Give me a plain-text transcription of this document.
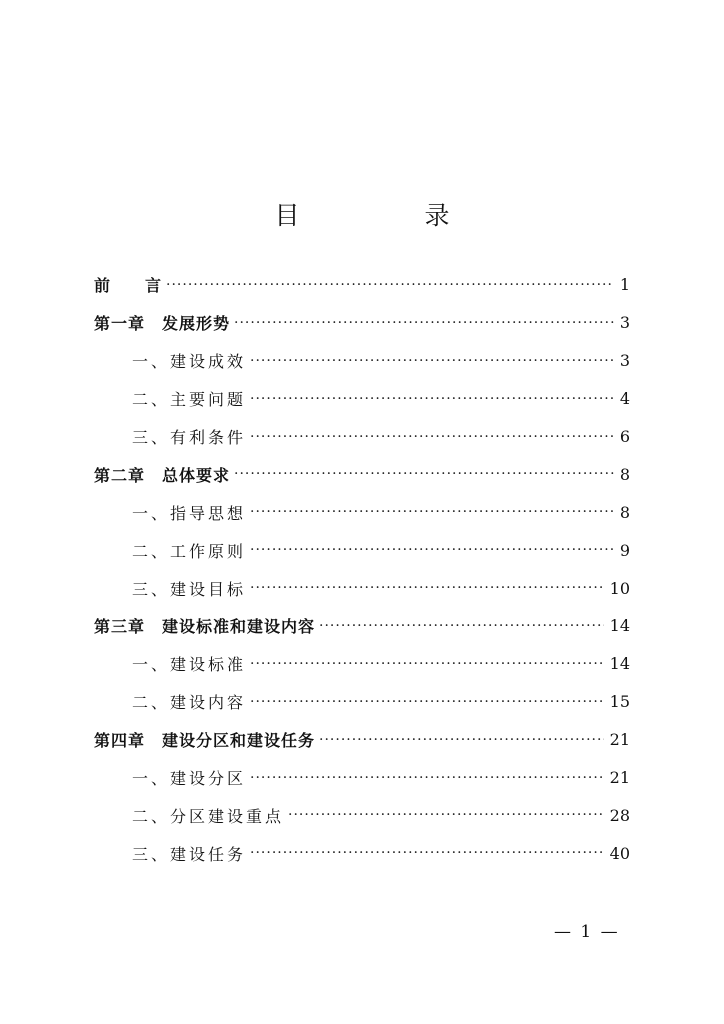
目　录
前　　言 ·····	1
第一章　发展形势 ·····	3
一、建设成效 ·····	3
二、主要问题 ·····	4
三、有利条件 ·····	6
第二章　总体要求 ·····	8
一、指导思想 ·····	8
二、工作原则 ·····	9
三、建设目标 ·····	10
第三章　建设标准和建设内容 ·····	14
一、建设标准 ·····	14
二、建设内容 ·····	15
第四章　建设分区和建设任务 ·····	21
一、建设分区 ·····	21
二、分区建设重点 ·····	28
三、建设任务 ·····	40
— 1 —
